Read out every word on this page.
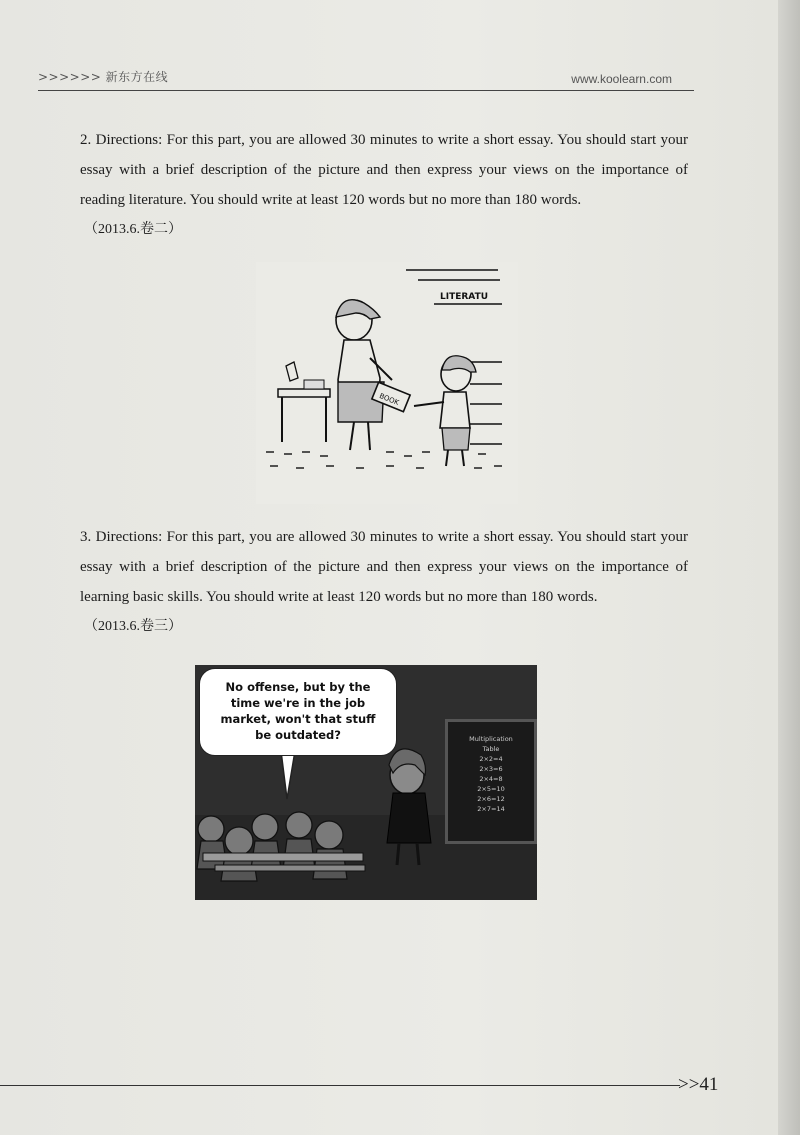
>>>>>> 新东方在线	www.koolearn.com
2. Directions: For this part, you are allowed 30 minutes to write a short essay. You should start your essay with a brief description of the picture and then express your views on the importance of reading literature. You should write at least 120 words but no more than 180 words.
（2013.6.卷二）
LITERATU
BOOK
3. Directions: For this part, you are allowed 30 minutes to write a short essay. You should start your essay with a brief description of the picture and then express your views on the importance of learning basic skills. You should write at least 120 words but no more than 180 words.
（2013.6.卷三）
No offense, but by the
time we're in the job
market, won't that stuff
be outdated?	Multiplication
Table
2×2=4
2×3=6
2×4=8
2×5=10
2×6=12
2×7=14
>>41
